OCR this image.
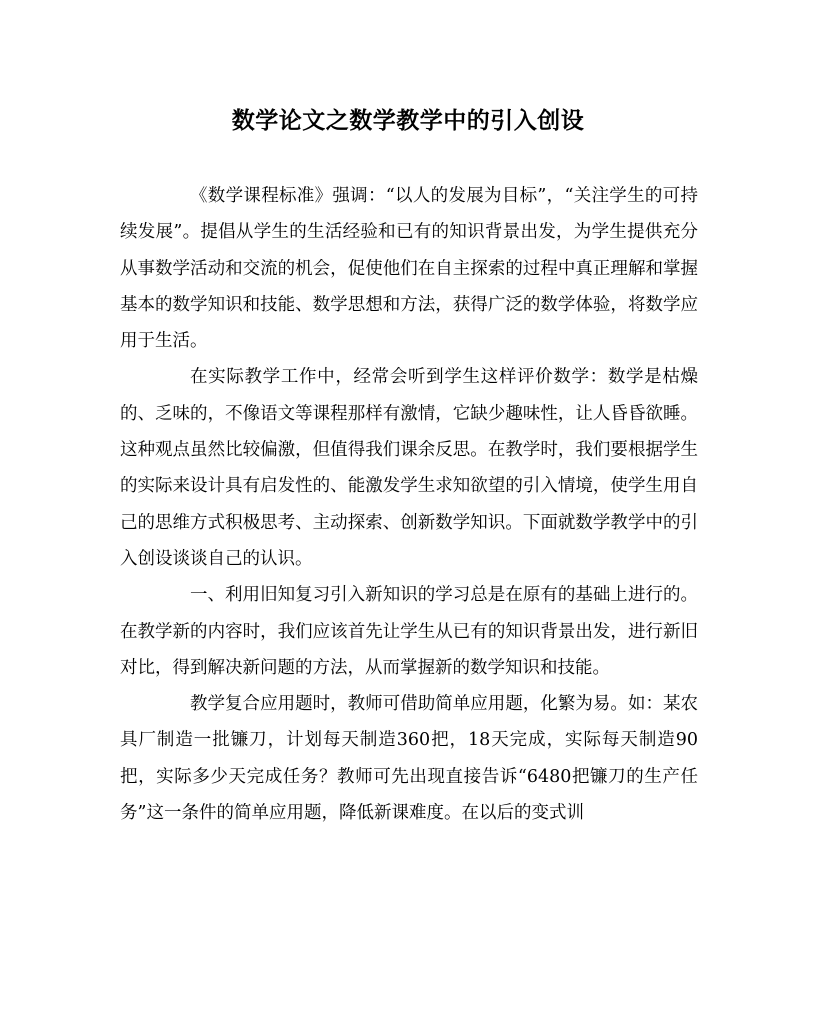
数学论文之数学教学中的引入创设

《数学课程标准》强调：“以人的发展为目标”，“关注学生的可持续发展”。提倡从学生的生活经验和已有的知识背景出发，为学生提供充分从事数学活动和交流的机会，促使他们在自主探索的过程中真正理解和掌握基本的数学知识和技能、数学思想和方法，获得广泛的数学体验，将数学应用于生活。

在实际教学工作中，经常会听到学生这样评价数学：数学是枯燥的、乏味的，不像语文等课程那样有激情，它缺少趣味性，让人昏昏欲睡。这种观点虽然比较偏激，但值得我们课余反思。在教学时，我们要根据学生的实际来设计具有启发性的、能激发学生求知欲望的引入情境，使学生用自己的思维方式积极思考、主动探索、创新数学知识。下面就数学教学中的引入创设谈谈自己的认识。

一、利用旧知复习引入新知识的学习总是在原有的基础上进行的。在教学新的内容时，我们应该首先让学生从已有的知识背景出发，进行新旧对比，得到解决新问题的方法，从而掌握新的数学知识和技能。

教学复合应用题时，教师可借助简单应用题，化繁为易。如：某农具厂制造一批镰刀，计划每天制造360把，18天完成，实际每天制造90把，实际多少天完成任务？教师可先出现直接告诉“6480把镰刀的生产任务”这一条件的简单应用题，降低新课难度。在以后的变式训
